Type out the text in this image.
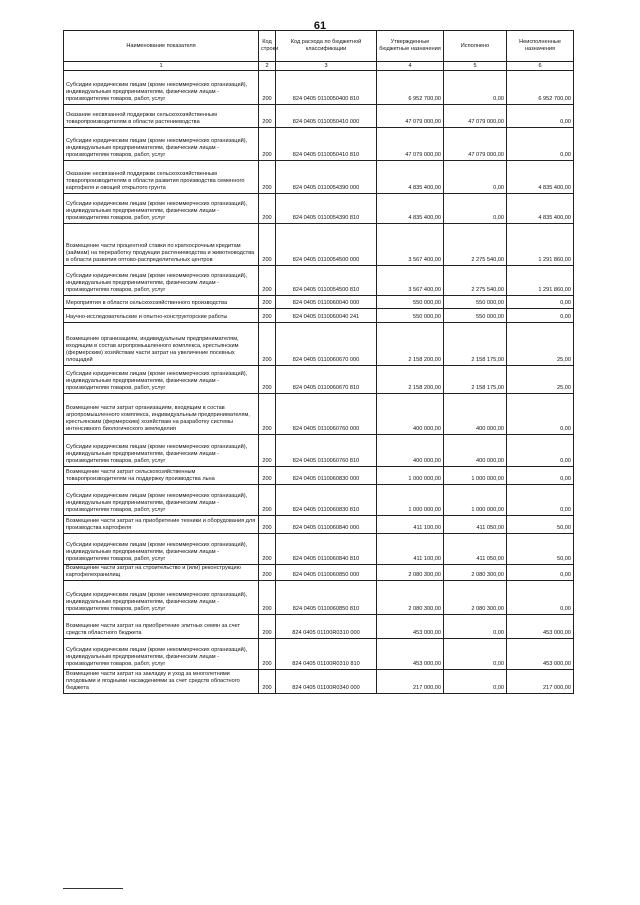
61
Наименование показателя	Код строки	Код расхода по бюджетной классификации	Утвержденные бюджетные назначения	Исполнено	Неисполненные назначения
1	2	3	4	5	6
Субсидии юридическим лицам (кроме некоммерческих организаций), индивидуальным предпринимателям, физическим лицам - производителям товаров, работ, услуг	200	824 0405 0110050400 810	6 952 700,00	0,00	6 952 700,00
Оказание несвязанной поддержки сельскохозяйственным товаропроизводителям в области растениеводства	200	824 0405 0110050410 000	47 079 000,00	47 079 000,00	0,00
Субсидии юридическим лицам (кроме некоммерческих организаций), индивидуальным предпринимателям, физическим лицам - производителям товаров, работ, услуг	200	824 0405 0110050410 810	47 079 000,00	47 079 000,00	0,00
Оказание несвязанной поддержки сельскохозяйственным товаропроизводителям в области развития производства семенного картофеля и овощей открытого грунта	200	824 0405 0110054390 000	4 835 400,00	0,00	4 835 400,00
Субсидии юридическим лицам (кроме некоммерческих организаций), индивидуальным предпринимателям, физическим лицам - производителям товаров, работ, услуг	200	824 0405 0110054390 810	4 835 400,00	0,00	4 835 400,00
Возмещение части процентной ставки по краткосрочным кредитам (займам) на переработку продукции растениеводства и животноводства в области развития оптово-распределительных центров	200	824 0405 0110054500 000	3 567 400,00	2 275 540,00	1 291 860,00
Субсидии юридическим лицам (кроме некоммерческих организаций), индивидуальным предпринимателям, физическим лицам - производителям товаров, работ, услуг	200	824 0405 0110054500 810	3 567 400,00	2 275 540,00	1 291 860,00
Мероприятия в области сельскохозяйственного производства	200	824 0405 0110060040 000	550 000,00	550 000,00	0,00
Научно-исследовательские и опытно-конструкторские работы	200	824 0405 0110060040 241	550 000,00	550 000,00	0,00
Возмещение организациям, индивидуальным предпринимателям, входящим в состав агропромышленного комплекса, крестьянским (фермерским) хозяйствам части затрат на увеличение посевных площадей	200	824 0405 0110060670 000	2 158 200,00	2 158 175,00	25,00
Субсидии юридическим лицам (кроме некоммерческих организаций), индивидуальным предпринимателям, физическим лицам - производителям товаров, работ, услуг	200	824 0405 0110060670 810	2 158 200,00	2 158 175,00	25,00
Возмещение части затрат организациям, входящим в состав агропромышленного комплекса, индивидуальным предпринимателям, крестьянским (фермерским) хозяйствам на разработку системы интенсивного биологического земледелия	200	824 0405 0110060760 000	400 000,00	400 000,00	0,00
Субсидии юридическим лицам (кроме некоммерческих организаций), индивидуальным предпринимателям, физическим лицам - производителям товаров, работ, услуг	200	824 0405 0110060760 810	400 000,00	400 000,00	0,00
Возмещение части затрат сельскохозяйственным товаропроизводителям на поддержку производства льна	200	824 0405 0110060830 000	1 000 000,00	1 000 000,00	0,00
Субсидии юридическим лицам (кроме некоммерческих организаций), индивидуальным предпринимателям, физическим лицам - производителям товаров, работ, услуг	200	824 0405 0110060830 810	1 000 000,00	1 000 000,00	0,00
Возмещение части затрат на приобретение техники и оборудования для производства картофеля	200	824 0405 0110060840 000	411 100,00	411 050,00	50,00
Субсидии юридическим лицам (кроме некоммерческих организаций), индивидуальным предпринимателям, физическим лицам - производителям товаров, работ, услуг	200	824 0405 0110060840 810	411 100,00	411 050,00	50,00
Возмещение части затрат на строительство и (или) реконструкцию картофелехранилищ	200	824 0405 0110060850 000	2 080 300,00	2 080 300,00	0,00
Субсидии юридическим лицам (кроме некоммерческих организаций), индивидуальным предпринимателям, физическим лицам - производителям товаров, работ, услуг	200	824 0405 0110060850 810	2 080 300,00	2 080 300,00	0,00
Возмещение части затрат на приобретение элитных семян за счет средств областного бюджета	200	824 0405 01100R0310 000	453 000,00	0,00	453 000,00
Субсидии юридическим лицам (кроме некоммерческих организаций), индивидуальным предпринимателям, физическим лицам - производителям товаров, работ, услуг	200	824 0405 01100R0310 810	453 000,00	0,00	453 000,00
Возмещение части затрат на закладку и уход за многолетними плодовыми и ягодными насаждениями за счет средств областного бюджета	200	824 0405 01100R0340 000	217 000,00	0,00	217 000,00
